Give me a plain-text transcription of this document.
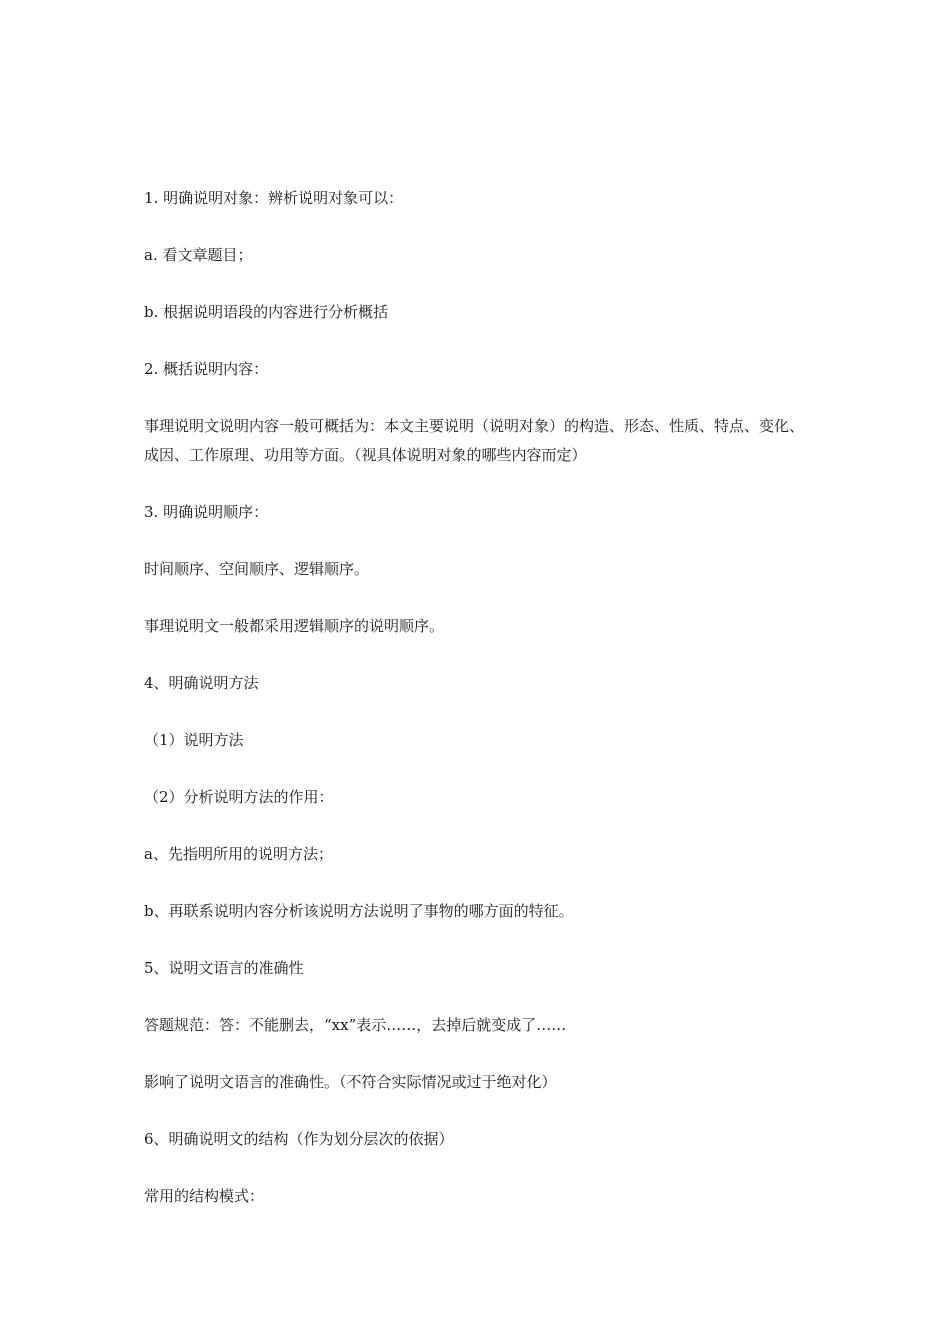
1. 明确说明对象：辨析说明对象可以：

a. 看文章题目；

b. 根据说明语段的内容进行分析概括

2. 概括说明内容：

事理说明文说明内容一般可概括为：本文主要说明（说明对象）的构造、形态、性质、特点、变化、成因、工作原理、功用等方面。（视具体说明对象的哪些内容而定）

3. 明确说明顺序：

时间顺序、空间顺序、逻辑顺序。

事理说明文一般都采用逻辑顺序的说明顺序。

4、明确说明方法

（1）说明方法

（2）分析说明方法的作用：

a、先指明所用的说明方法；

b、再联系说明内容分析该说明方法说明了事物的哪方面的特征。

5、说明文语言的准确性

答题规范：答：不能删去，“xx”表示……，去掉后就变成了……

影响了说明文语言的准确性。（不符合实际情况或过于绝对化）

6、明确说明文的结构（作为划分层次的依据）

常用的结构模式：
